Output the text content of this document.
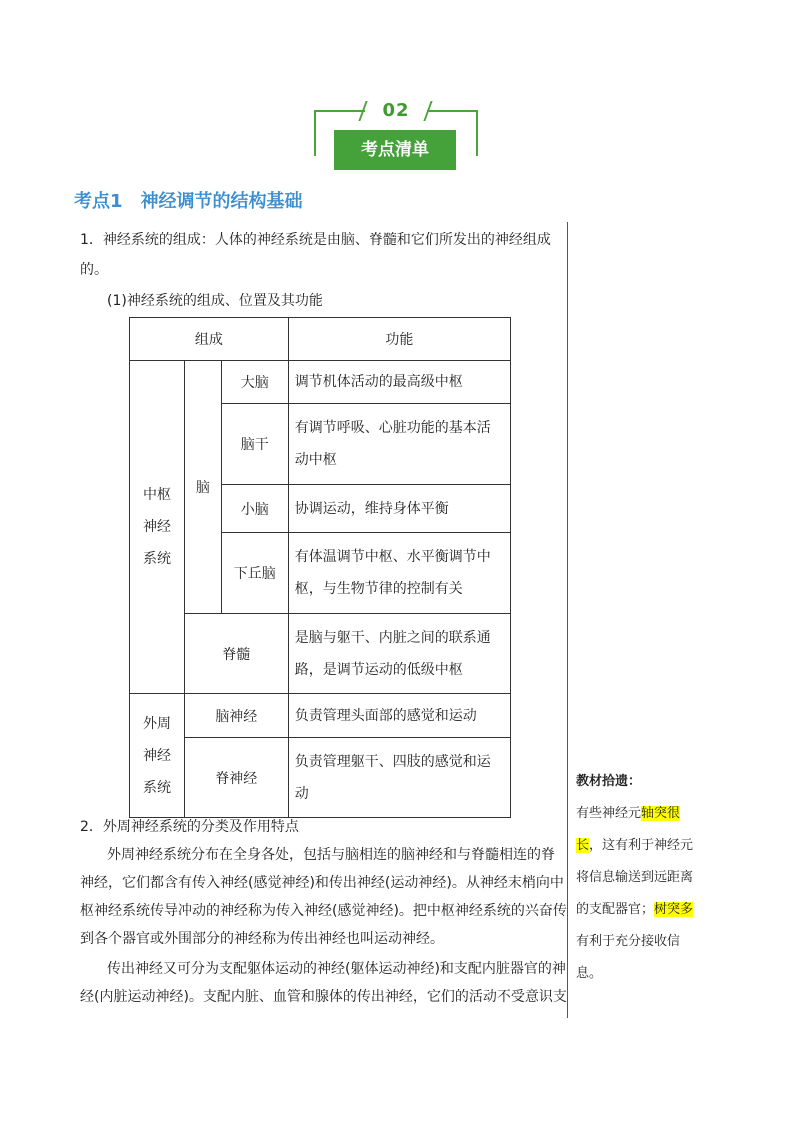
02
考点清单
考点1　神经调节的结构基础
1．神经系统的组成：人体的神经系统是由脑、脊髓和它们所发出的神经组成
的。
(1)神经系统的组成、位置及其功能
组成			功能

中枢神经系统	脑	大脑	调节机体活动的最高级中枢
		脑干	有调节呼吸、心脏功能的基本活动中枢
		小脑	协调运动，维持身体平衡
		下丘脑	有体温调节中枢、水平衡调节中枢，与生物节律的控制有关
	脊髓		是脑与躯干、内脏之间的联系通路，是调节运动的低级中枢

外周神经系统	脑神经		负责管理头面部的感觉和运动
	脊神经		负责管理躯干、四肢的感觉和运动
2．外周神经系统的分类及作用特点
外周神经系统分布在全身各处，包括与脑相连的脑神经和与脊髓相连的脊
神经，它们都含有传入神经(感觉神经)和传出神经(运动神经)。从神经末梢向中
枢神经系统传导冲动的神经称为传入神经(感觉神经)。把中枢神经系统的兴奋传
到各个器官或外围部分的神经称为传出神经也叫运动神经。
传出神经又可分为支配躯体运动的神经(躯体运动神经)和支配内脏器官的神
经(内脏运动神经)。支配内脏、血管和腺体的传出神经，它们的活动不受意识支
教材拾遗：
有些神经元轴突很
长，这有利于神经元
将信息输送到远距离
的支配器官；树突多
有利于充分接收信
息。
